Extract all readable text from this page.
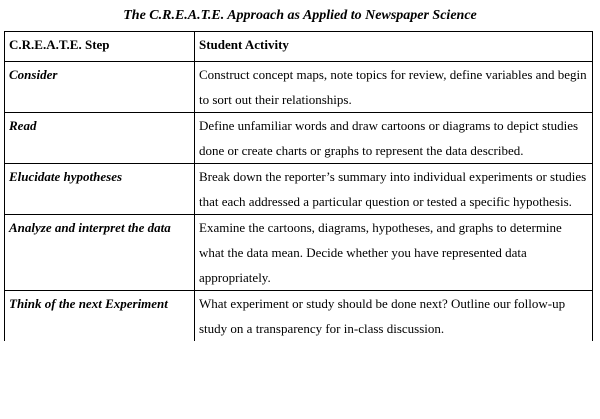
The C.R.E.A.T.E. Approach as Applied to Newspaper Science
C.R.E.A.T.E. Step	Student Activity
Consider	Construct concept maps, note topics for review, define variables and begin to sort out their relationships.
Read	Define unfamiliar words and draw cartoons or diagrams to depict studies done or create charts or graphs to represent the data described.
Elucidate hypotheses	Break down the reporter’s summary into individual experiments or studies that each addressed a particular question or tested a specific hypothesis.
Analyze and interpret the data	Examine the cartoons, diagrams, hypotheses, and graphs to determine what the data mean. Decide whether you have represented data appropriately.
Think of the next Experiment	What experiment or study should be done next? Outline our follow-up study on a transparency for in-class discussion.
